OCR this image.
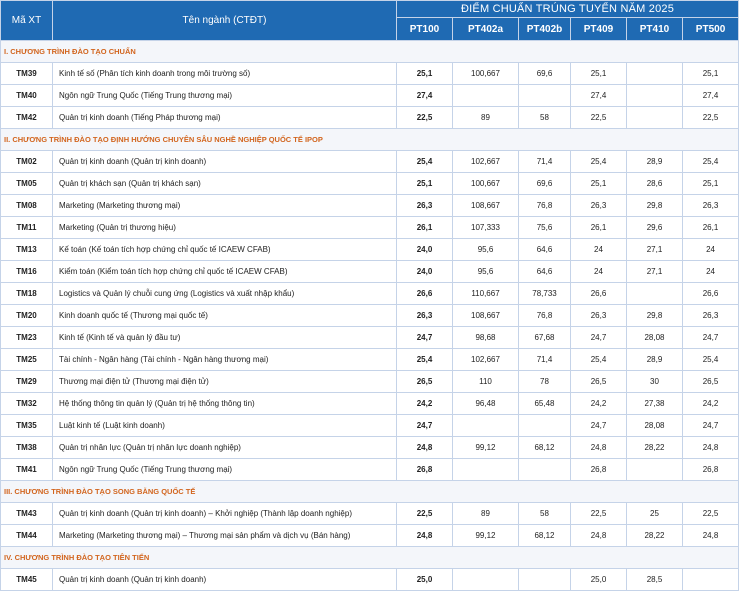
Mã XT	Tên ngành (CTĐT)	ĐIỂM CHUẨN TRÚNG TUYỂN NĂM 2025					
		PT100	PT402a	PT402b	PT409	PT410	PT500
I. CHƯƠNG TRÌNH ĐÀO TẠO CHUẨN							
TM39	Kinh tế số (Phân tích kinh doanh trong môi trường số)	25,1	100,667	69,6	25,1		25,1
TM40	Ngôn ngữ Trung Quốc (Tiếng Trung thương mại)	27,4			27,4		27,4
TM42	Quản trị kinh doanh (Tiếng Pháp thương mại)	22,5	89	58	22,5		22,5
II. CHƯƠNG TRÌNH ĐÀO TẠO ĐỊNH HƯỚNG CHUYÊN SÂU NGHỀ NGHIỆP QUỐC TẾ IPOP							
TM02	Quản trị kinh doanh (Quản trị kinh doanh)	25,4	102,667	71,4	25,4	28,9	25,4
TM05	Quản trị khách sạn (Quản trị khách sạn)	25,1	100,667	69,6	25,1	28,6	25,1
TM08	Marketing (Marketing thương mại)	26,3	108,667	76,8	26,3	29,8	26,3
TM11	Marketing (Quản trị thương hiệu)	26,1	107,333	75,6	26,1	29,6	26,1
TM13	Kế toán (Kế toán tích hợp chứng chỉ quốc tế ICAEW CFAB)	24,0	95,6	64,6	24	27,1	24
TM16	Kiểm toán (Kiểm toán tích hợp chứng chỉ quốc tế ICAEW CFAB)	24,0	95,6	64,6	24	27,1	24
TM18	Logistics và Quản lý chuỗi cung ứng (Logistics và xuất nhập khẩu)	26,6	110,667	78,733	26,6		26,6
TM20	Kinh doanh quốc tế (Thương mại quốc tế)	26,3	108,667	76,8	26,3	29,8	26,3
TM23	Kinh tế (Kinh tế và quản lý đầu tư)	24,7	98,68	67,68	24,7	28,08	24,7
TM25	Tài chính - Ngân hàng (Tài chính - Ngân hàng thương mại)	25,4	102,667	71,4	25,4	28,9	25,4
TM29	Thương mại điện tử (Thương mại điện tử)	26,5	110	78	26,5	30	26,5
TM32	Hệ thống thông tin quản lý (Quản trị hệ thống thông tin)	24,2	96,48	65,48	24,2	27,38	24,2
TM35	Luật kinh tế (Luật kinh doanh)	24,7			24,7	28,08	24,7
TM38	Quản trị nhân lực (Quản trị nhân lực doanh nghiệp)	24,8	99,12	68,12	24,8	28,22	24,8
TM41	Ngôn ngữ Trung Quốc (Tiếng Trung thương mại)	26,8			26,8		26,8
III. CHƯƠNG TRÌNH ĐÀO TẠO SONG BẰNG QUỐC TẾ							
TM43	Quản trị kinh doanh (Quản trị kinh doanh) – Khởi nghiệp (Thành lập doanh nghiệp)	22,5	89	58	22,5	25	22,5
TM44	Marketing (Marketing thương mại) – Thương mại sản phẩm và dịch vụ (Bán hàng)	24,8	99,12	68,12	24,8	28,22	24,8
IV. CHƯƠNG TRÌNH ĐÀO TẠO TIÊN TIẾN							
TM45	Quản trị kinh doanh (Quản trị kinh doanh)	25,0			25,0	28,5	
